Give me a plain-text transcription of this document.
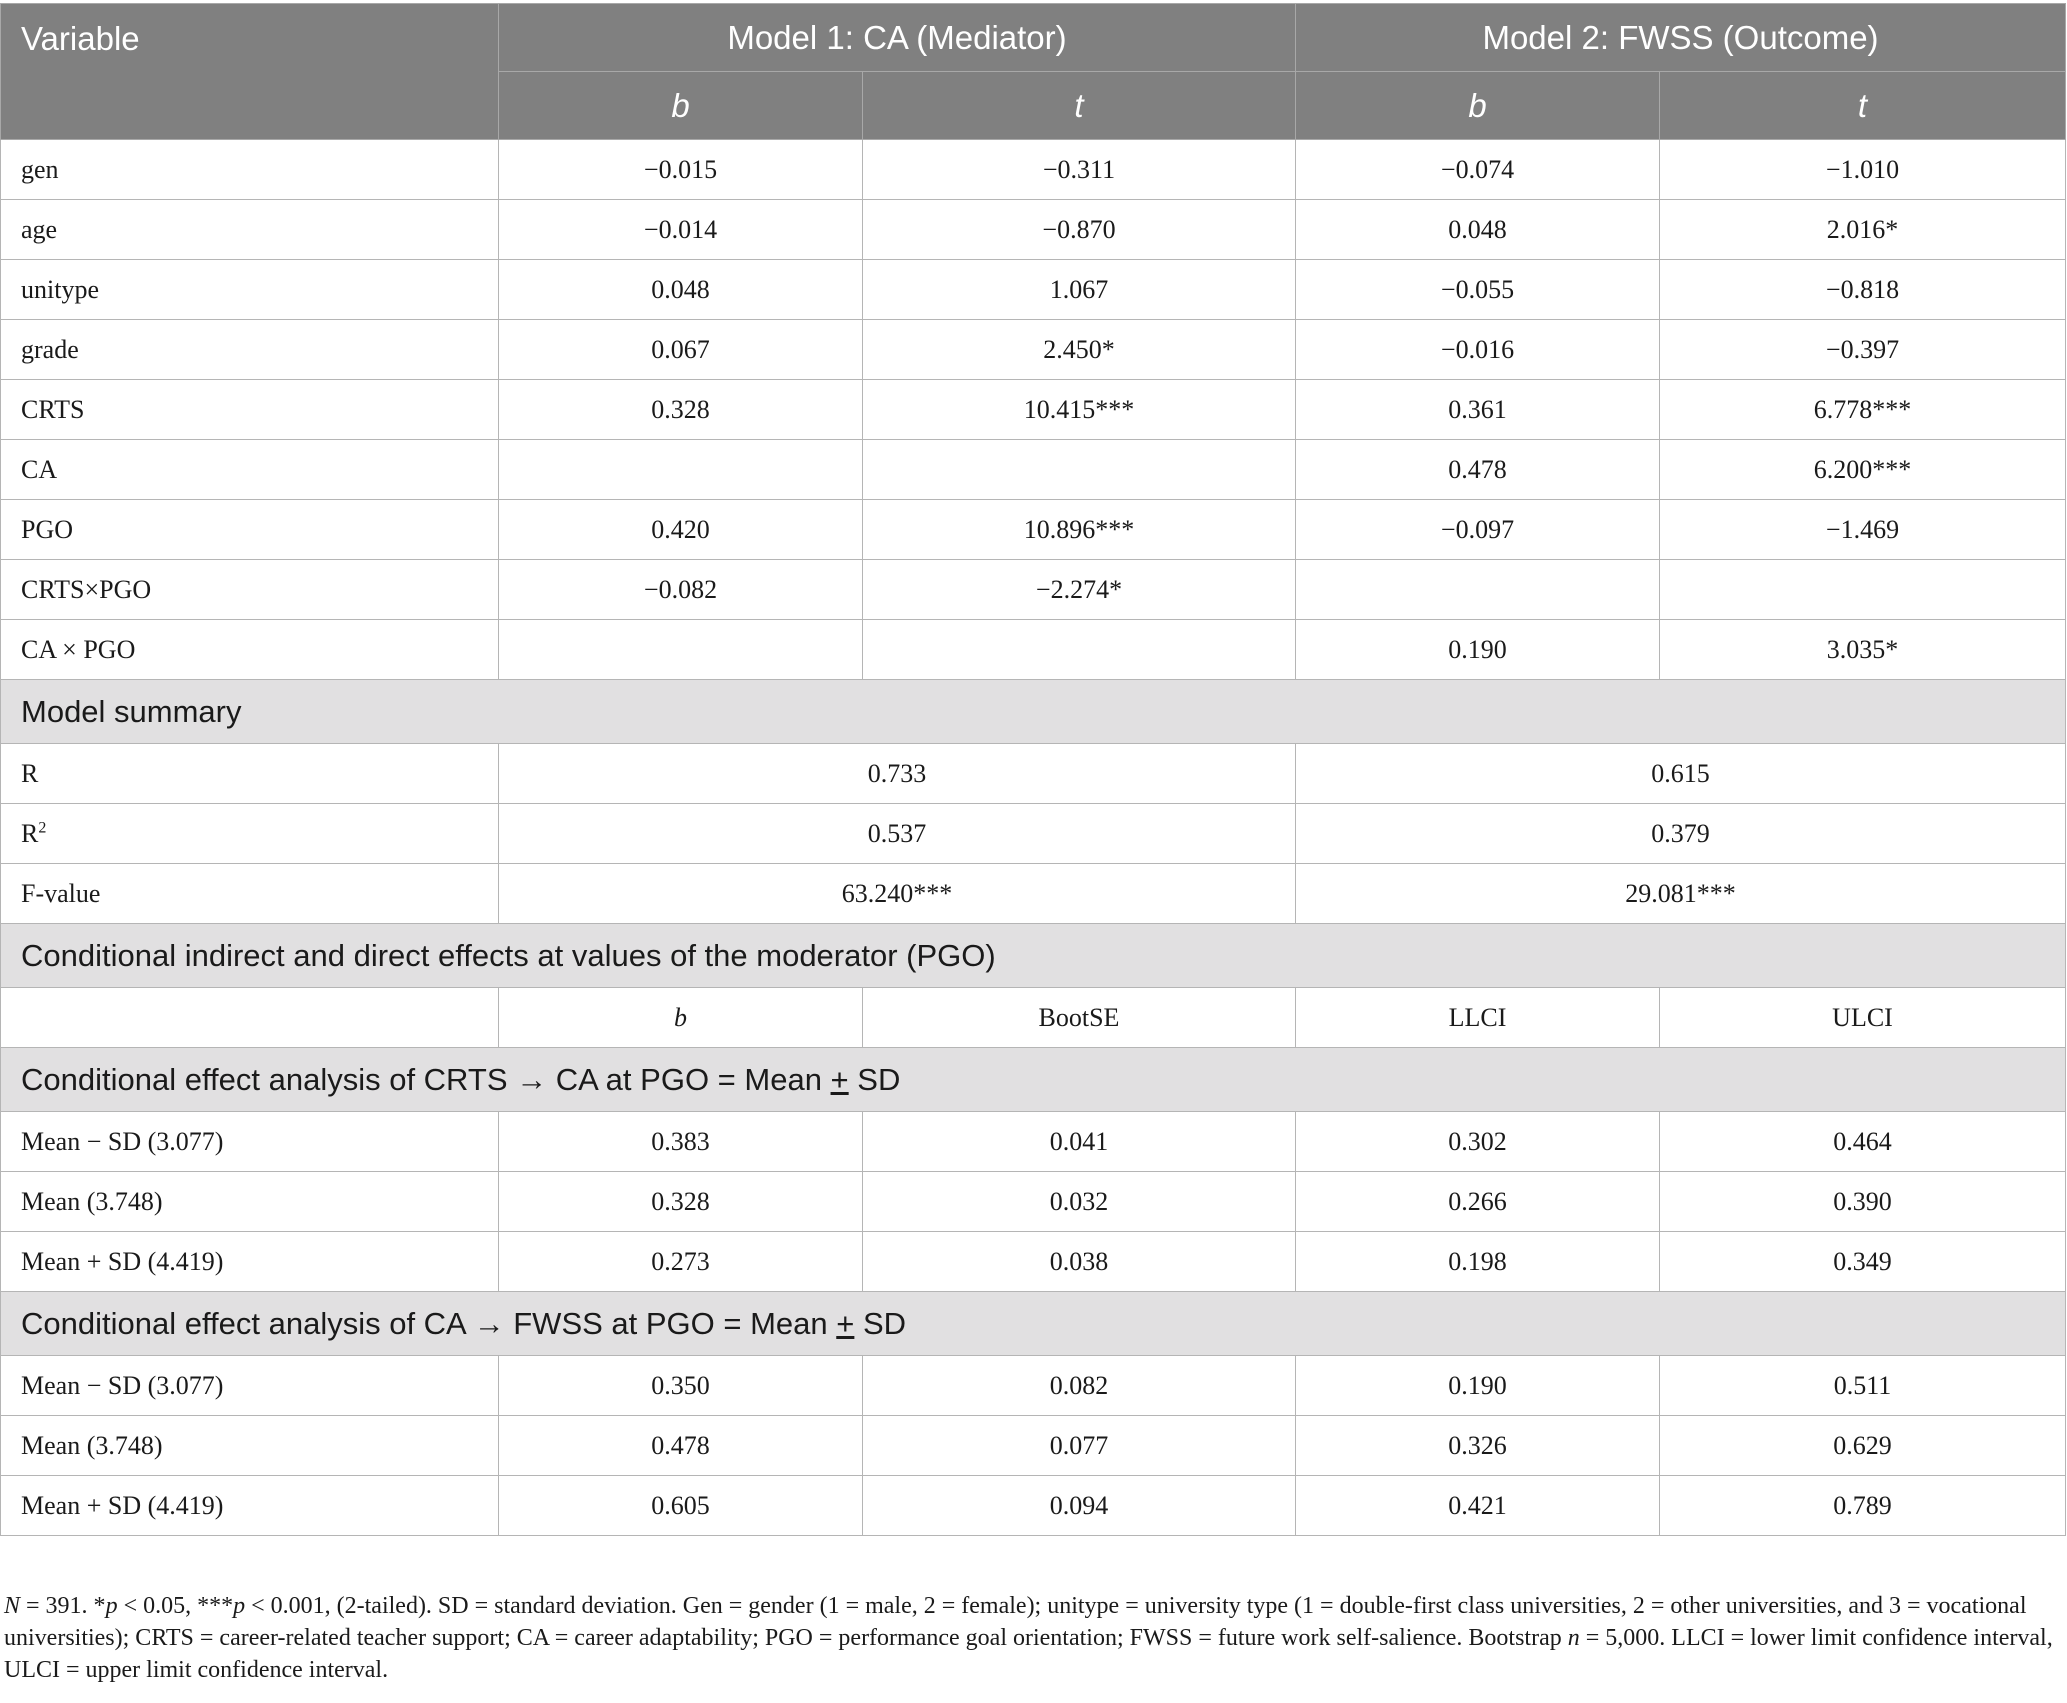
Variable	Model 1: CA (Mediator)		Model 2: FWSS (Outcome)	
	b	t	b	t
gen	−0.015	−0.311	−0.074	−1.010
age	−0.014	−0.870	0.048	2.016*
unitype	0.048	1.067	−0.055	−0.818
grade	0.067	2.450*	−0.016	−0.397
CRTS	0.328	10.415***	0.361	6.778***
CA			0.478	6.200***
PGO	0.420	10.896***	−0.097	−1.469
CRTS×PGO	−0.082	−2.274*		
CA × PGO			0.190	3.035*
Model summary				
R	0.733		0.615	
$R^2$	0.537		0.379	
F-value	63.240***		29.081***	
Conditional indirect and direct effects at values of the moderator (PGO)				
	b	BootSE	LLCI	ULCI
Conditional effect analysis of CRTS → CA at PGO = Mean + SD				
Mean − SD (3.077)	0.383	0.041	0.302	0.464
Mean (3.748)	0.328	0.032	0.266	0.390
Mean + SD (4.419)	0.273	0.038	0.198	0.349
Conditional effect analysis of CA → FWSS at PGO = Mean + SD				
Mean − SD (3.077)	0.350	0.082	0.190	0.511
Mean (3.748)	0.478	0.077	0.326	0.629
Mean + SD (4.419)	0.605	0.094	0.421	0.789
N = 391. *p < 0.05, ***p < 0.001, (2-tailed). SD = standard deviation. Gen = gender (1 = male, 2 = female); unitype = university type (1 = double-first class universities, 2 = other universities, and 3 = vocational universities); CRTS = career-related teacher support; CA = career adaptability; PGO = performance goal orientation; FWSS = future work self-salience. Bootstrap n = 5,000. LLCI = lower limit confidence interval, ULCI = upper limit confidence interval.
